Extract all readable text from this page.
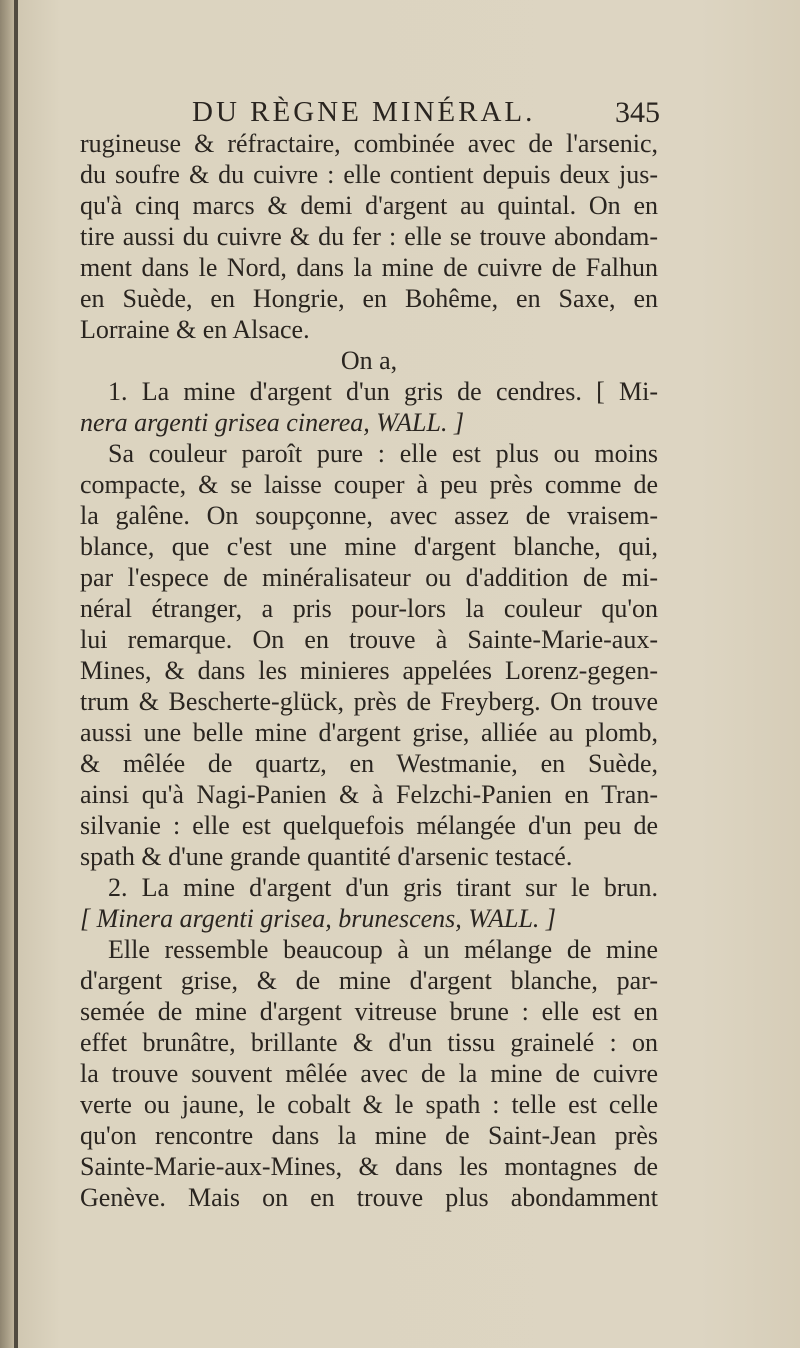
DU RÈGNE MINÉRAL.	345
rugineuse & réfractaire, combinée avec de l'arsenic,
du soufre & du cuivre : elle contient depuis deux jus-
qu'à cinq marcs & demi d'argent au quintal. On en
tire aussi du cuivre & du fer : elle se trouve abondam-
ment dans le Nord, dans la mine de cuivre de Falhun
en Suède, en Hongrie, en Bohême, en Saxe, en
Lorraine & en Alsace.
On a,
1. La mine d'argent d'un gris de cendres. [ Mi-
nera argenti grisea cinerea, WALL. ]
Sa couleur paroît pure : elle est plus ou moins
compacte, & se laisse couper à peu près comme de
la galêne. On soupçonne, avec assez de vraisem-
blance, que c'est une mine d'argent blanche, qui,
par l'espece de minéralisateur ou d'addition de mi-
néral étranger, a pris pour-lors la couleur qu'on
lui remarque. On en trouve à Sainte-Marie-aux-
Mines, & dans les minieres appelées Lorenz-gegen-
trum & Bescherte-glück, près de Freyberg. On trouve
aussi une belle mine d'argent grise, alliée au plomb,
& mêlée de quartz, en Westmanie, en Suède,
ainsi qu'à Nagi-Panien & à Felzchi-Panien en Tran-
silvanie : elle est quelquefois mélangée d'un peu de
spath & d'une grande quantité d'arsenic testacé.
2. La mine d'argent d'un gris tirant sur le brun.
[ Minera argenti grisea, brunescens, WALL. ]
Elle ressemble beaucoup à un mélange de mine
d'argent grise, & de mine d'argent blanche, par-
semée de mine d'argent vitreuse brune : elle est en
effet brunâtre, brillante & d'un tissu grainelé : on
la trouve souvent mêlée avec de la mine de cuivre
verte ou jaune, le cobalt & le spath : telle est celle
qu'on rencontre dans la mine de Saint-Jean près
Sainte-Marie-aux-Mines, & dans les montagnes de
Genève. Mais on en trouve plus abondamment
